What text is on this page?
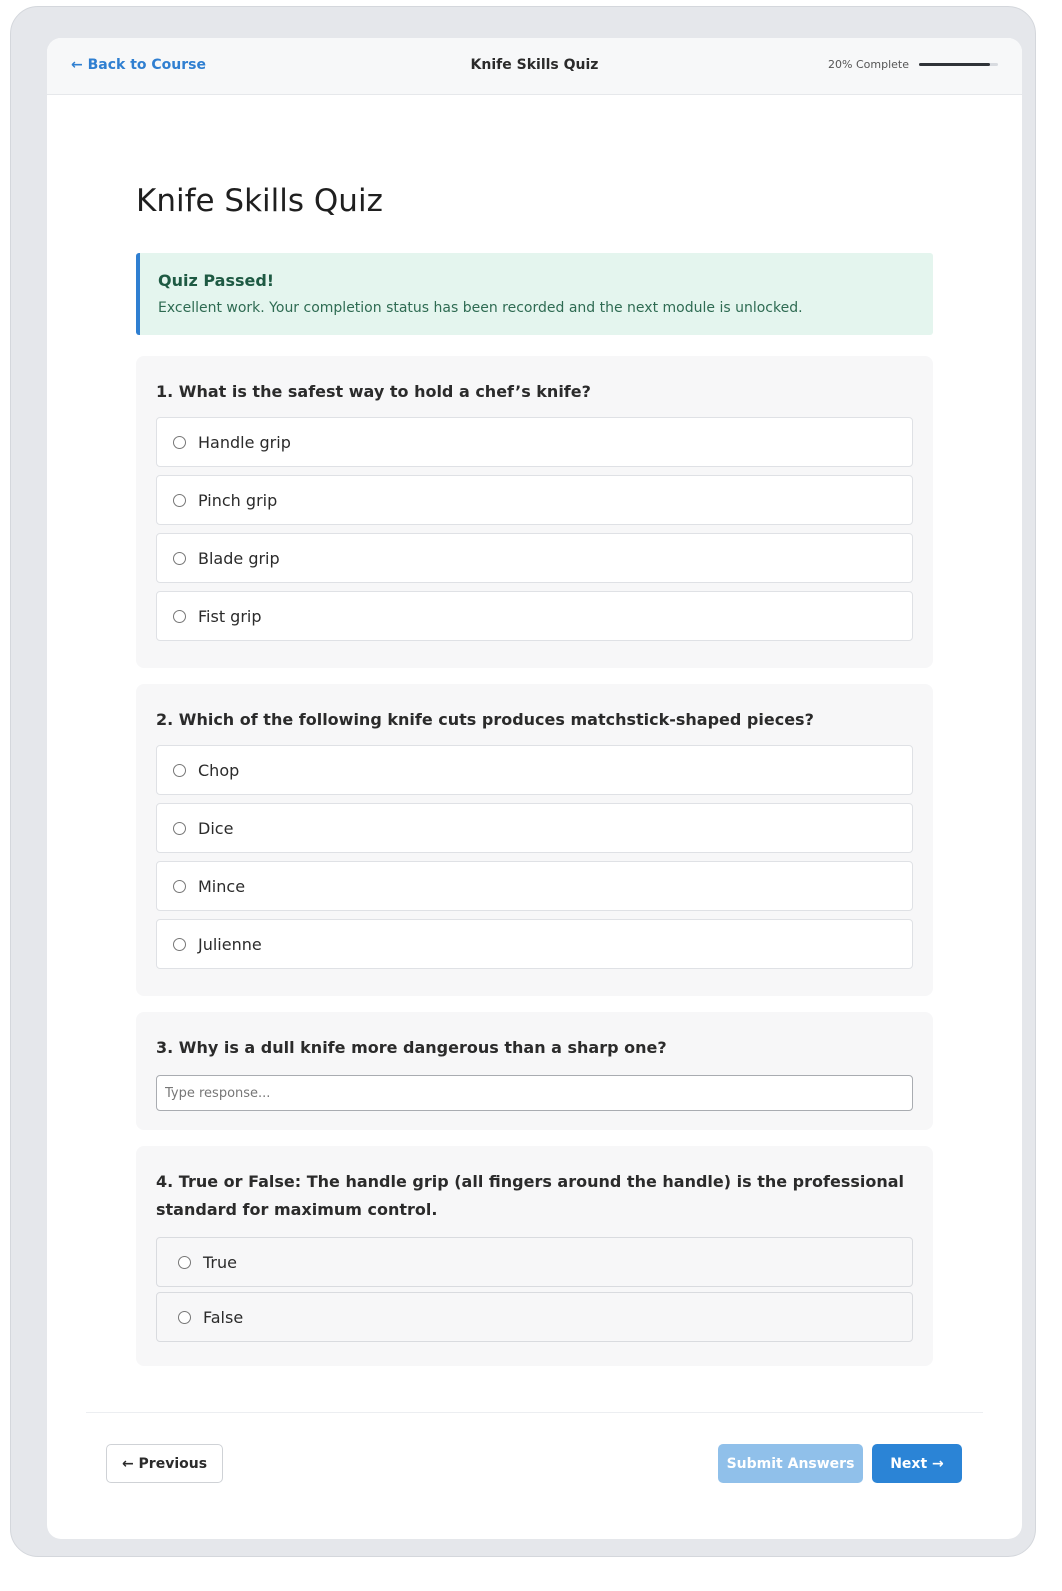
← Back to Course	Knife Skills Quiz	20% Complete
Knife Skills Quiz
Quiz Passed!
Excellent work. Your completion status has been recorded and the next module is unlocked.
1. What is the safest way to hold a chef’s knife?
Handle grip
Pinch grip
Blade grip
Fist grip
2. Which of the following knife cuts produces matchstick-shaped pieces?
Chop
Dice
Mince
Julienne
3. Why is a dull knife more dangerous than a sharp one?
Type response...
4. True or False: The handle grip (all fingers around the handle) is the professional standard for maximum control.
True
False
← Previous	Submit Answers	Next →
